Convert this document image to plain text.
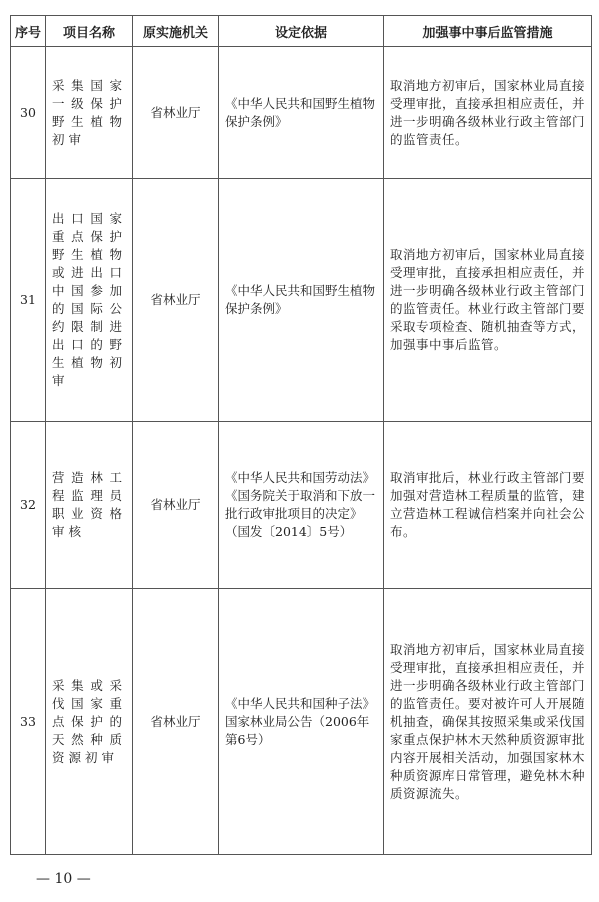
序号	项目名称	原实施机关	设定依据	加强事中事后监管措施
30	采集国家一级保护野生植物初审	省林业厅	《中华人民共和国野生植物保护条例》	取消地方初审后，国家林业局直接受理审批，直接承担相应责任，并进一步明确各级林业行政主管部门的监管责任。
31	出口国家重点保护野生植物或进出口中国参加的国际公约限制进出口的野生植物初审	省林业厅	《中华人民共和国野生植物保护条例》	取消地方初审后，国家林业局直接受理审批，直接承担相应责任，并进一步明确各级林业行政主管部门的监管责任。林业行政主管部门要采取专项检查、随机抽查等方式，加强事中事后监管。
32	营造林工程监理员职业资格审核	省林业厅	《中华人民共和国劳动法》《国务院关于取消和下放一批行政审批项目的决定》（国发〔2014〕5号）	取消审批后，林业行政主管部门要加强对营造林工程质量的监管，建立营造林工程诚信档案并向社会公布。
33	采集或采伐国家重点保护的天然种质资源初审	省林业厅	《中华人民共和国种子法》国家林业局公告（2006年第6号）	取消地方初审后，国家林业局直接受理审批，直接承担相应责任，并进一步明确各级林业行政主管部门的监管责任。要对被许可人开展随机抽查，确保其按照采集或采伐国家重点保护林木天然种质资源审批内容开展相关活动，加强国家林木种质资源库日常管理，避免林木种质资源流失。
— 10 —
